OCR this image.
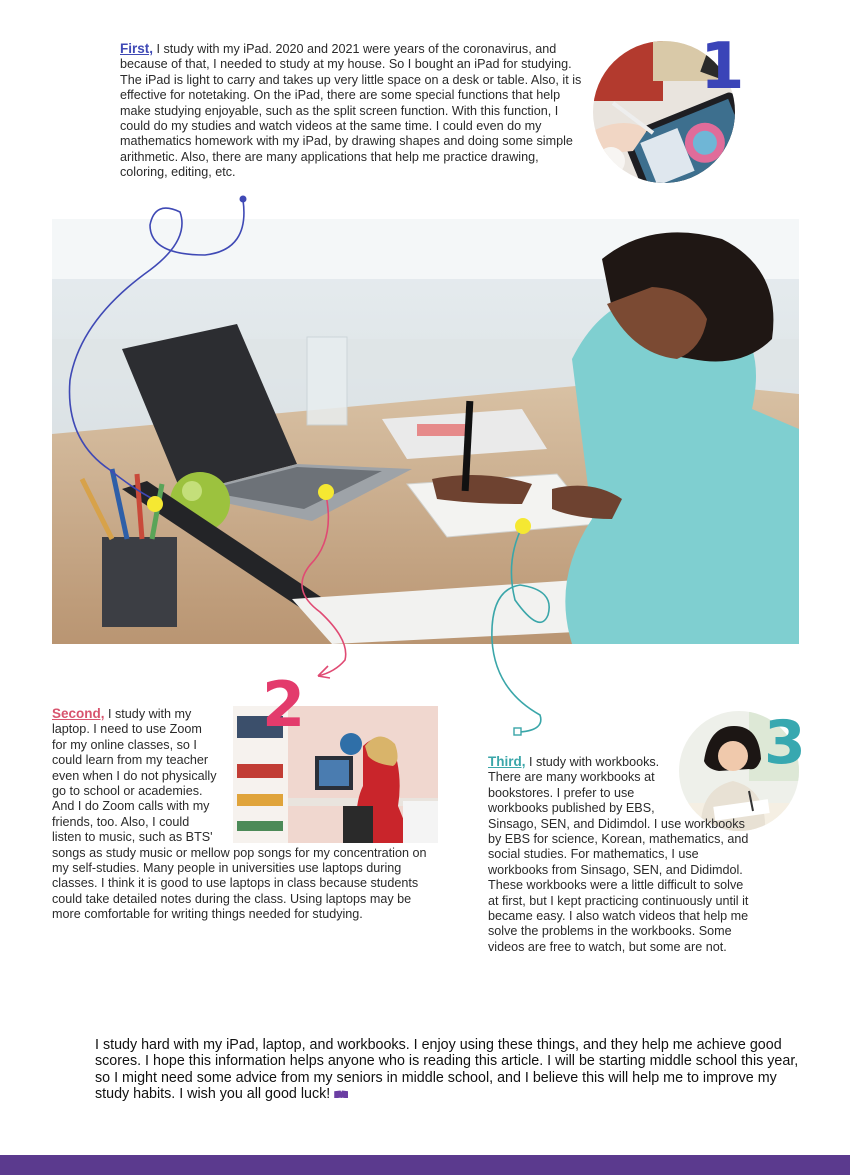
First, I study with my iPad. 2020 and 2021 were years of the coronavirus, and because of that, I needed to study at my house. So I bought an iPad for studying. The iPad is light to carry and takes up very little space on a desk or table. Also, it is effective for notetaking. On the iPad, there are some special functions that help make studying enjoyable, such as the split screen function. With this function, I could do my studies and watch videos at the same time. I could even do my mathematics homework with my iPad, by drawing shapes and doing some simple arithmetic. Also, there are many applications that help me practice drawing, coloring, editing, etc.

1
2

Second, I study with my laptop. I need to use Zoom for my online classes, so I could learn from my teacher even when I do not physically go to school or academies. And I do Zoom calls with my friends, too. Also, I could listen to music, such as BTS' songs as study music or mellow pop songs for my concentration on my self-studies. Many people in universities use laptops during classes. I think it is good to use laptops in class because students could take detailed notes during the class. Using laptops may be more comfortable for writing things needed for studying.

3

Third, I study with workbooks. There are many workbooks at bookstores. I prefer to use workbooks published by EBS, Sinsago, SEN, and Didimdol. I use workbooks by EBS for science, Korean, mathematics, and social studies. For mathematics, I use workbooks from Sinsago, SEN, and Didimdol. These workbooks were a little difficult to solve at first, but I kept practicing continuously until it became easy. I also watch videos that help me solve the problems in the workbooks. Some videos are free to watch, but some are not.

I study hard with my iPad, laptop, and workbooks. I enjoy using these things, and they help me achieve good scores. I hope this information helps anyone who is reading this article. I will be starting middle school this year, so I might need some advice from my seniors in middle school, and I believe this will help me to improve my study habits. I wish you all good luck!
